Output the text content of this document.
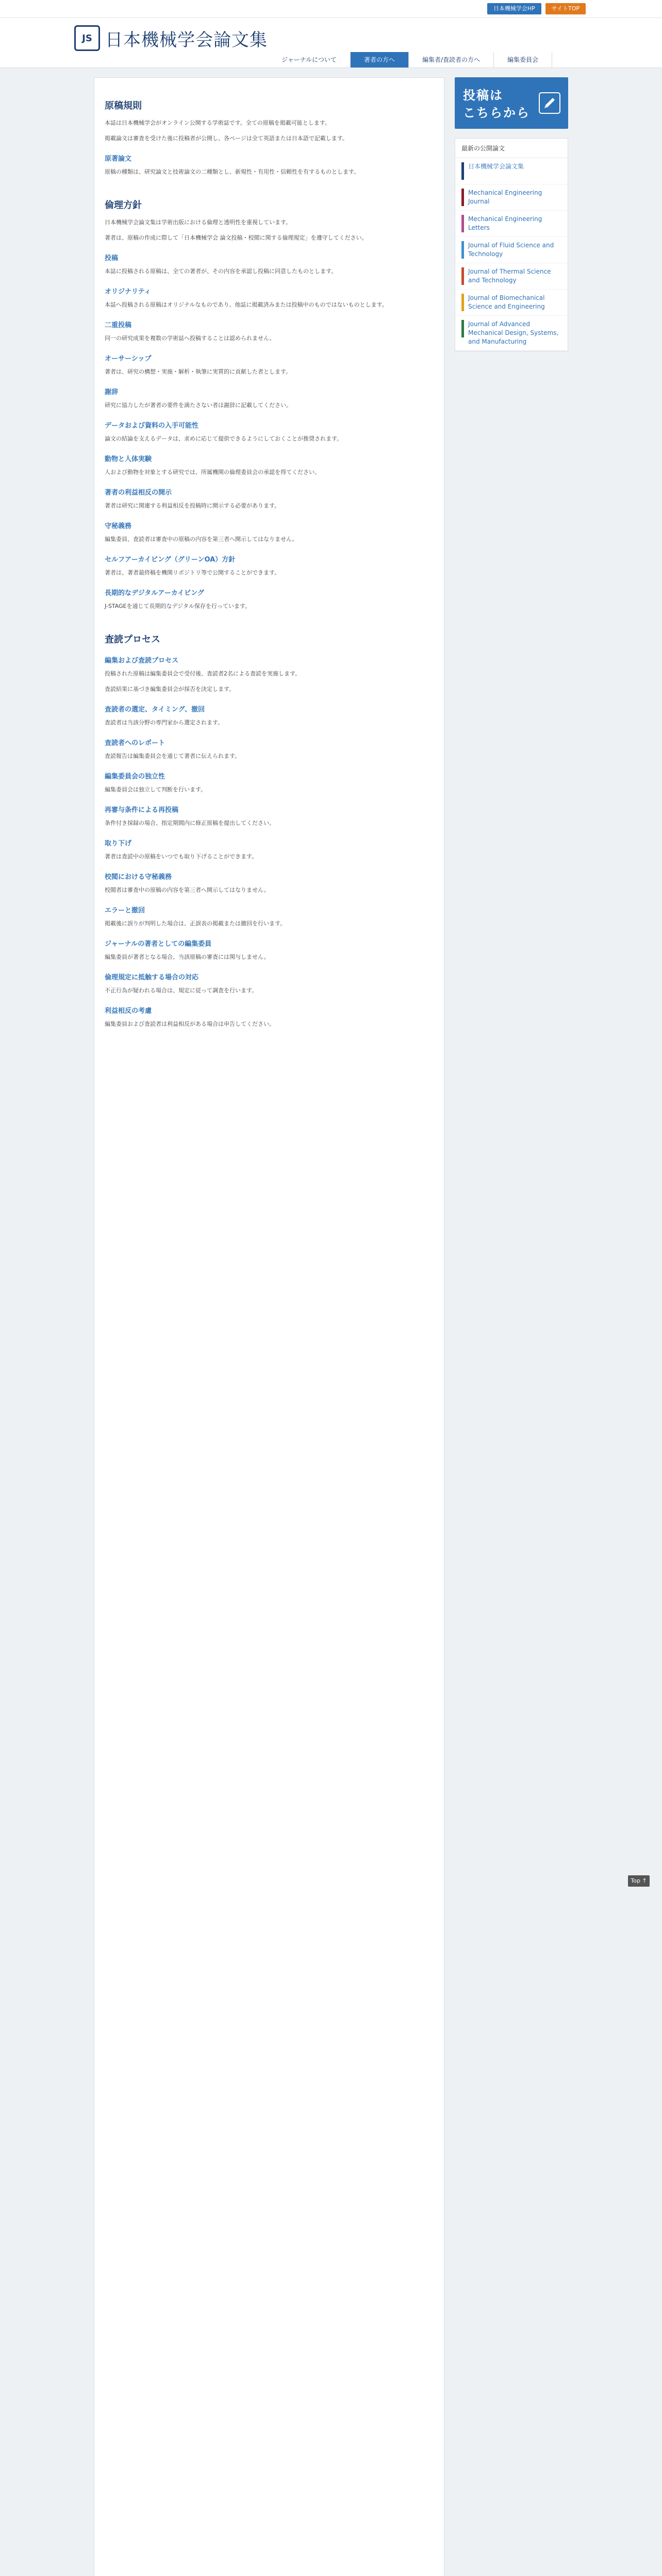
日本機械学会HP	サイトTOP
JS 日本機械学会論文集
ジャーナルについて	著者の方へ	編集者/査読者の方へ	編集委員会
原稿規則

本誌は日本機械学会がオンライン公開する学術誌です。全ての原稿を掲載可能とします。

掲載論文は審査を受けた後に投稿者が公開し、各ページは全て英語または日本語で記載します。

原著論文

原稿の種類は、研究論文と技術論文の二種類とし、新規性・有用性・信頼性を有するものとします。

倫理方針

日本機械学会論文集は学術出版における倫理と透明性を重視しています。

著者は、原稿の作成に際して「日本機械学会 論文投稿・校閲に関する倫理規定」を遵守してください。

投稿

本誌に投稿される原稿は、全ての著者が、その内容を承認し投稿に同意したものとします。

オリジナリティ

本誌へ投稿される原稿はオリジナルなものであり、他誌に掲載済みまたは投稿中のものではないものとします。

二重投稿

同一の研究成果を複数の学術誌へ投稿することは認められません。

オーサーシップ

著者は、研究の構想・実施・解析・執筆に実質的に貢献した者とします。

謝辞

研究に協力したが著者の要件を満たさない者は謝辞に記載してください。

データおよび資料の入手可能性

論文の結論を支えるデータは、求めに応じて提供できるようにしておくことが推奨されます。

動物と人体実験

人および動物を対象とする研究では、所属機関の倫理委員会の承認を得てください。

著者の利益相反の開示

著者は研究に関連する利益相反を投稿時に開示する必要があります。

守秘義務

編集委員、査読者は審査中の原稿の内容を第三者へ開示してはなりません。

セルフアーカイビング（グリーンOA）方針

著者は、著者最終稿を機関リポジトリ等で公開することができます。

長期的なデジタルアーカイビング

J-STAGEを通じて長期的なデジタル保存を行っています。

査読プロセス
編集および査読プロセス

投稿された原稿は編集委員会で受付後、査読者2名による査読を実施します。

査読結果に基づき編集委員会が採否を決定します。

査読者の選定、タイミング、撤回

査読者は当該分野の専門家から選定されます。

査読者へのレポート

査読報告は編集委員会を通じて著者に伝えられます。

編集委員会の独立性

編集委員会は独立して判断を行います。

再審与条件による再投稿

条件付き採録の場合、指定期間内に修正原稿を提出してください。

取り下げ

著者は査読中の原稿をいつでも取り下げることができます。

校閲における守秘義務

校閲者は審査中の原稿の内容を第三者へ開示してはなりません。

エラーと撤回

掲載後に誤りが判明した場合は、正誤表の掲載または撤回を行います。

ジャーナルの著者としての編集委員

編集委員が著者となる場合、当該原稿の審査には関与しません。

倫理規定に抵触する場合の対応

不正行為が疑われる場合は、規定に従って調査を行います。

利益相反の考慮

編集委員および査読者は利益相反がある場合は申告してください。

投稿は
こちらから
最新の公開論文
日本機械学会論文集
Mechanical Engineering Journal
Mechanical Engineering Letters
Journal of Fluid Science and Technology
Journal of Thermal Science and Technology
Journal of Biomechanical Science and Engineering
Journal of Advanced Mechanical Design, Systems, and Manufacturing
Top ↑
